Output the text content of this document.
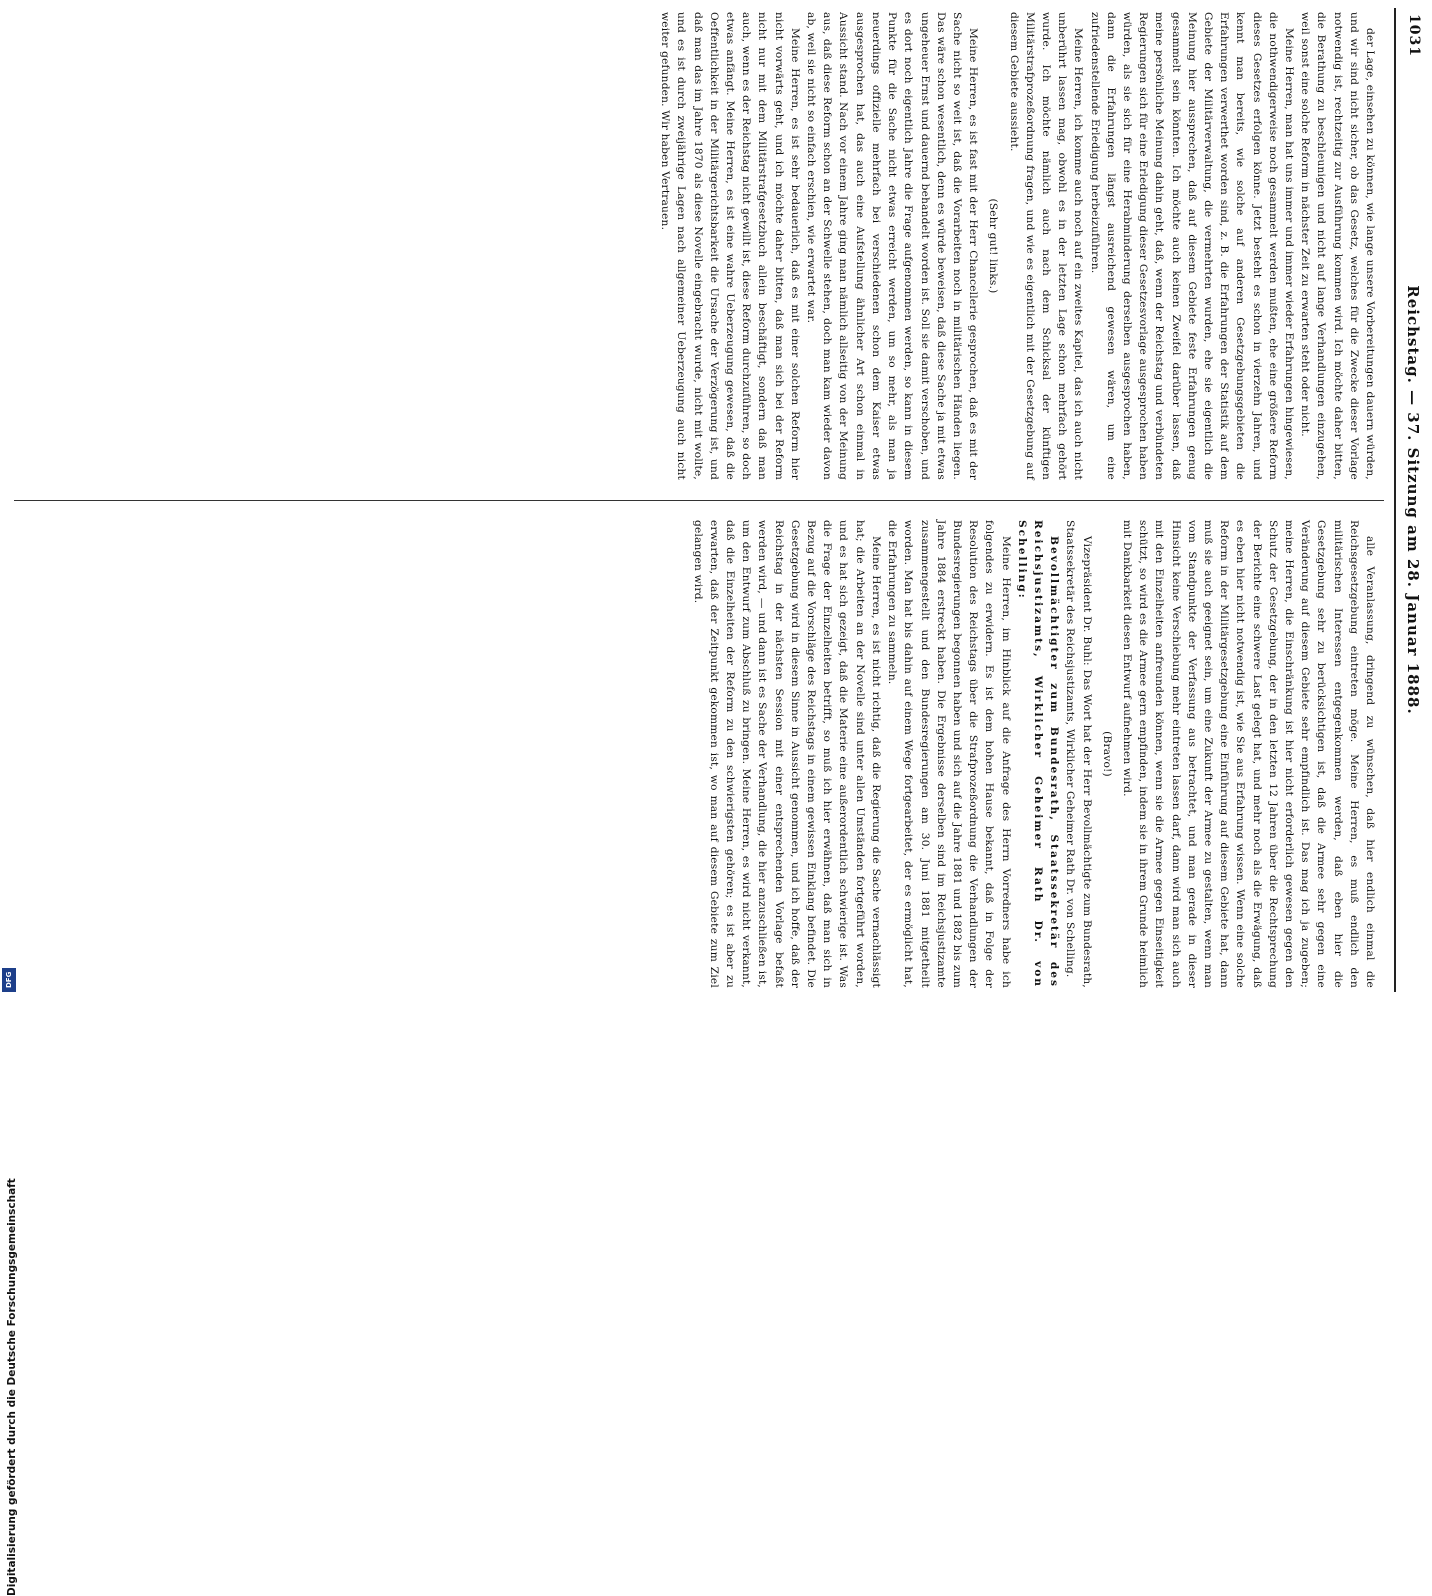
1031
Reichstag. — 37. Sitzung am 28. Januar 1888.

der Lage, einsehen zu können, wie lange unsere Vorbereitungen dauern würden, und wir sind nicht sicher, ob das Gesetz, welches für die Zwecke dieser Vorlage notwendig ist, rechtzeitig zur Ausführung kommen wird. Ich möchte daher bitten, die Berathung zu beschleunigen und nicht auf lange Verhandlungen einzugehen, weil sonst eine solche Reform in nächster Zeit zu erwarten steht oder nicht.

Meine Herren, man hat uns immer und immer wieder Erfahrungen hingewiesen, die nothwendigerweise noch gesammelt werden mußten, ehe eine größere Reform dieses Gesetzes erfolgen könne. Jetzt besteht es schon in vierzehn Jahren, und kennt man bereits, wie solche auf anderen Gesetzgebungsgebieten die Erfahrungen verwerthet worden sind, z. B. die Erfahrungen der Statistik auf dem Gebiete der Militärverwaltung, die vermehrten wurden, ehe sie eigentlich die Meinung hier aussprechen, daß auf diesem Gebiete feste Erfahrungen genug gesammelt sein könnten. Ich möchte auch keinen Zweifel darüber lassen, daß meine persönliche Meinung dahin geht, daß, wenn der Reichstag und verbündeten Regierungen sich für eine Erledigung dieser Gesetzesvorlage ausgesprochen haben würden, als sie sich für eine Herabminderung derselben ausgesprochen haben, dann die Erfahrungen längst ausreichend gewesen wären, um eine zufriedenstellende Erledigung herbeizuführen.

Meine Herren, ich komme auch noch auf ein zweites Kapitel, das ich auch nicht unberührt lassen mag, obwohl es in der letzten Lage schon mehrfach gehört wurde. Ich möchte nämlich auch nach dem Schicksal der künftigen Militärstrafprozeßordnung fragen, und wie es eigentlich mit der Gesetzgebung auf diesem Gebiete aussieht.

(Sehr gut! links.)

Meine Herren, es ist fast mit der Herr Chancellerie gesprochen, daß es mit der Sache nicht so weit ist, daß die Vorarbeiten noch in militärischen Händen liegen. Das wäre schon wesentlich, denn es würde beweisen, daß diese Sache ja mit etwas ungeheuer Ernst und dauernd behandelt worden ist. Soll sie damit verschoben, und es dort noch eigentlich Jahre die Frage aufgenommen werden, so kann in diesem Punkte für die Sache nicht etwas erreicht werden, um so mehr, als man ja neuerdings offizielle mehrfach bei verschiedenen schon dem Kaiser etwas ausgesprochen hat, das auch eine Aufstellung ähnlicher Art schon einmal in Aussicht stand. Nach vor einem Jahre ging man nämlich allseitig von der Meinung aus, daß diese Reform schon an der Schwelle stehen, doch man kam wieder davon ab, weil sie nicht so einfach erschien, wie erwartet war.

Meine Herren, es ist sehr bedauerlich, daß es mit einer solchen Reform hier nicht vorwärts geht, und ich möchte daher bitten, daß man sich bei der Reform nicht nur mit dem Militärstrafgesetzbuch allein beschäftigt, sondern daß man auch, wenn es der Reichstag nicht gewillt ist, diese Reform durchzuführen, so doch etwas anfängt. Meine Herren, es ist eine wahre Ueberzeugung gewesen, daß die Oeffentlichkeit in der Militärgerichtsbarkeit die Ursache der Verzögerung ist, und daß man das im Jahre 1870 als diese Novelle eingebracht wurde, nicht mit wollte, und es ist durch zweijährige Lagen nach allgemeiner Ueberzeugung auch nicht weiter gefunden. Wir haben Vertrauen.

alle Veranlassung, dringend zu wünschen, daß hier endlich einmal die Reichsgesetzgebung eintreten möge. Meine Herren, es muß endlich den militärischen Interessen entgegenkommen werden, daß eben hier die Gesetzgebung sehr zu berücksichtigen ist, daß die Armee sehr gegen eine Veränderung auf diesem Gebiete sehr empfindlich ist. Das mag ich ja zugeben; meine Herren, die Einschränkung ist hier nicht erforderlich gewesen gegen den Schutz der Gesetzgebung, der in den letzten 12 Jahren über die Rechtsprechung der Berichte eine schwere Last gelegt hat, und mehr noch als die Erwägung, daß es eben hier nicht notwendig ist, wie Sie aus Erfahrung wissen. Wenn eine solche Reform in der Militärgesetzgebung eine Einführung auf diesem Gebiete hat, dann muß sie auch geeignet sein, um eine Zukunft der Armee zu gestalten, wenn man vom Standpunkte der Verfassung aus betrachtet, und man gerade in dieser Hinsicht keine Verschiebung mehr eintreten lassen darf, dann wird man sich auch mit den Einzelheiten anfreunden können, wenn sie die Armee gegen Einseitigkeit schützt, so wird es die Armee gern empfinden, indem sie in ihrem Grunde heimlich mit Dankbarkeit diesen Entwurf aufnehmen wird.

(Bravo!)

Vizepräsident Dr. Buhl: Das Wort hat der Herr Bevollmächtigte zum Bundesrath, Staatssekretär des Reichsjustizamts, Wirklicher Geheimer Rath Dr. von Schelling.

Bevollmächtigter zum Bundesrath, Staatssekretär des Reichsjustizamts, Wirklicher Geheimer Rath Dr. von Schelling:

Meine Herren, im Hinblick auf die Anfrage des Herrn Vorredners habe ich folgendes zu erwidern. Es ist dem hohen Hause bekannt, daß in Folge der Resolution des Reichstags über die Strafprozeßordnung die Verhandlungen der Bundesregierungen begonnen haben und sich auf die Jahre 1881 und 1882 bis zum Jahre 1884 erstreckt haben. Die Ergebnisse derselben sind im Reichsjustizamte zusammengestellt und den Bundesregierungen am 30. Juni 1881 mitgetheilt worden. Man hat bis dahin auf einem Wege fortgearbeitet, der es ermöglicht hat, die Erfahrungen zu sammeln.

Meine Herren, es ist nicht richtig, daß die Regierung die Sache vernachlässigt hat; die Arbeiten an der Novelle sind unter allen Umständen fortgeführt worden, und es hat sich gezeigt, daß die Materie eine außerordentlich schwierige ist. Was die Frage der Einzelheiten betrifft, so muß ich hier erwähnen, daß man sich in Bezug auf die Vorschläge des Reichstags in einem gewissen Einklang befindet. Die Gesetzgebung wird in diesem Sinne in Aussicht genommen, und ich hoffe, daß der Reichstag in der nächsten Session mit einer entsprechenden Vorlage befaßt werden wird, — und dann ist es Sache der Verhandlung, die hier anzuschließen ist, um den Entwurf zum Abschluß zu bringen. Meine Herren, es wird nicht verkannt, daß die Einzelheiten der Reform zu den schwierigsten gehören; es ist aber zu erwarten, daß der Zeitpunkt gekommen ist, wo man auf diesem Gebiete zum Ziel gelangen wird.

Digitalisierung gefördert durch die Deutsche Forschungsgemeinschaft
DFG
